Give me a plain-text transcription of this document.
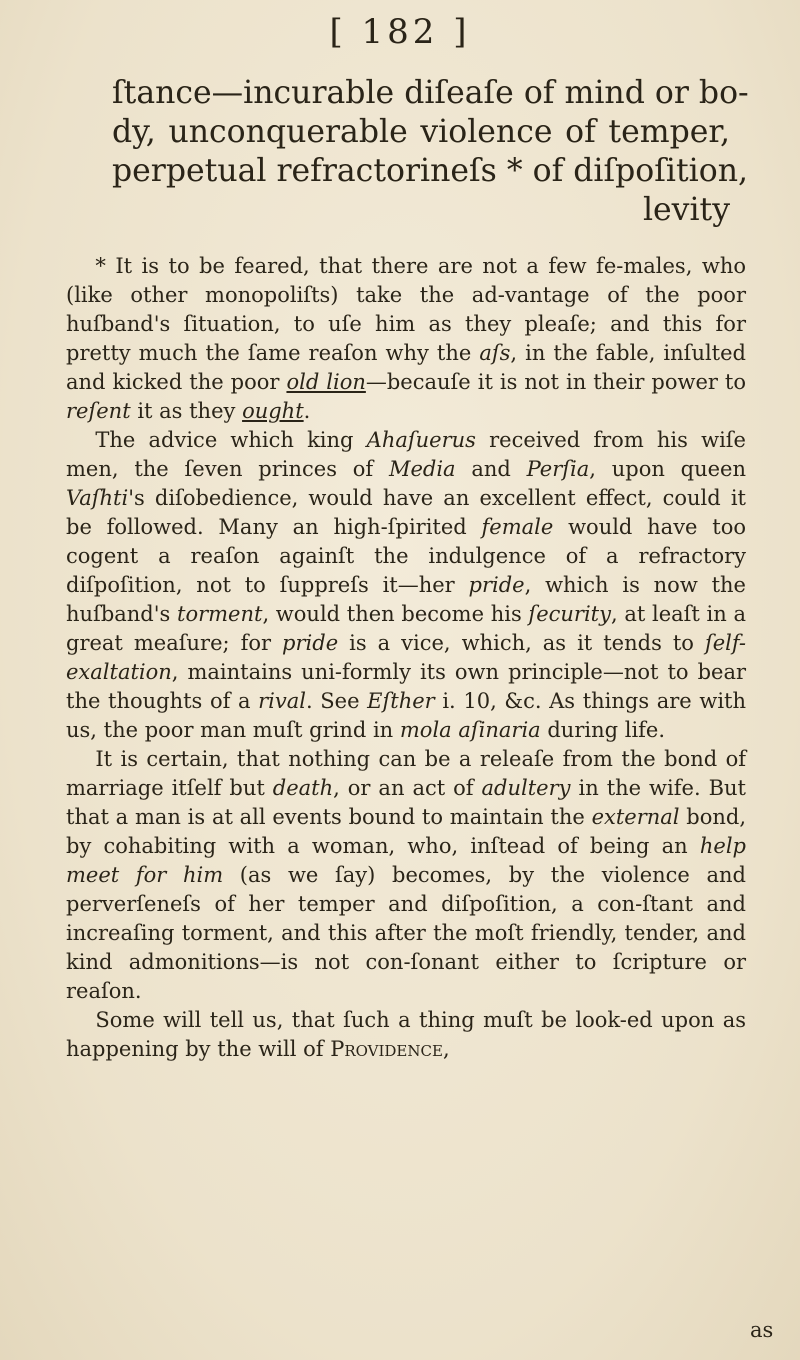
[ 182 ]
ſtance—incurable diſeaſe of mind or bo-
dy, unconquerable violence of temper,
perpetual refractorineſs * of diſpoſition,
levity

* It is to be feared, that there are not a few fe-males, who (like other monopoliſts) take the ad-vantage of the poor huſband's ſituation, to uſe him as they pleaſe; and this for pretty much the ſame reaſon why the aſs, in the fable, inſulted and kicked the poor old lion—becauſe it is not in their power to reſent it as they ought.

The advice which king Ahaſuerus received from his wiſe men, the ſeven princes of Media and Perſia, upon queen Vaſhti's diſobedience, would have an excellent effect, could it be followed. Many an high-ſpirited female would have too cogent a reaſon againſt the indulgence of a refractory diſpoſition, not to ſuppreſs it—her pride, which is now the huſband's torment, would then become his ſecurity, at leaſt in a great meaſure; for pride is a vice, which, as it tends to ſelf-exaltation, maintains uni-formly its own principle—not to bear the thoughts of a rival. See Eſther i. 10, &c. As things are with us, the poor man muſt grind in mola aſinaria during life.

It is certain, that nothing can be a releaſe from the bond of marriage itſelf but death, or an act of adultery in the wife. But that a man is at all events bound to maintain the external bond, by cohabiting with a woman, who, inſtead of being an help meet for him (as we ſay) becomes, by the violence and perverſeneſs of her temper and diſpoſition, a con-ſtant and increaſing torment, and this after the moſt friendly, tender, and kind admonitions—is not con-ſonant either to ſcripture or reaſon.

Some will tell us, that ſuch a thing muſt be look-ed upon as happening by the will of Providence,

as
